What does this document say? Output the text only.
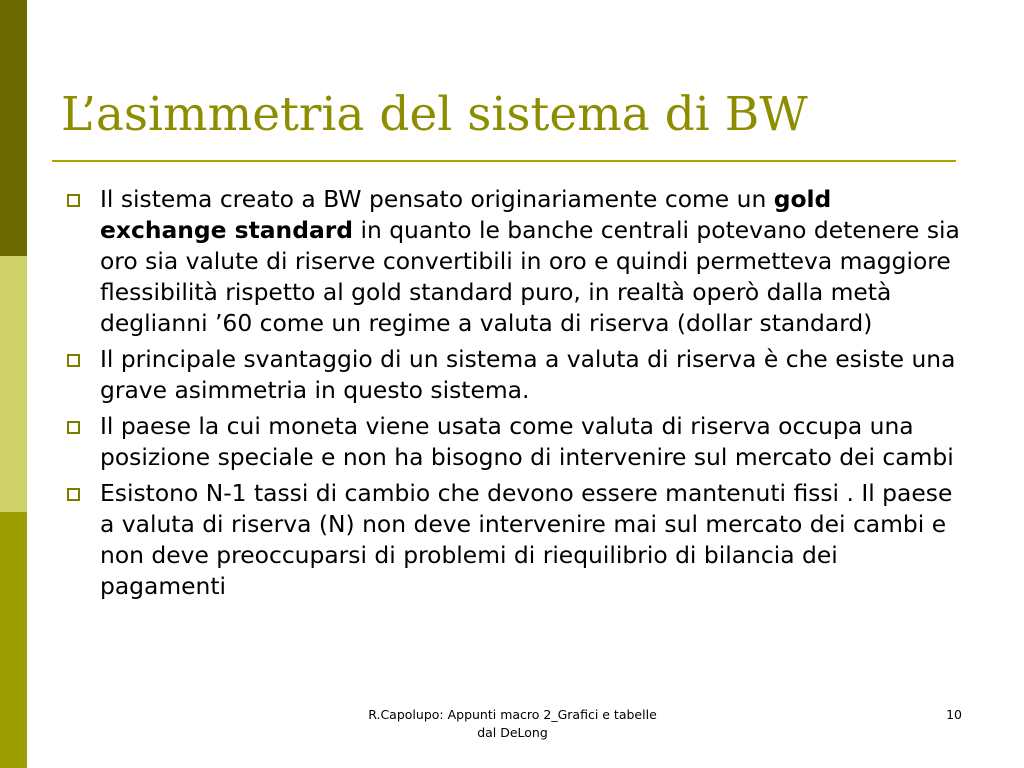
L’asimmetria del sistema di BW
Il sistema creato a BW pensato originariamente come un gold exchange standard in quanto le banche centrali potevano detenere sia oro sia valute di riserve convertibili in oro e quindi permetteva maggiore flessibilità rispetto al gold standard puro, in realtà operò dalla metà deglianni ’60 come un regime a valuta di riserva (dollar standard)
Il principale svantaggio di un sistema a valuta di riserva è che esiste una grave asimmetria in questo sistema.
Il paese la cui moneta viene usata come valuta di riserva occupa una posizione speciale e non ha bisogno di intervenire sul mercato dei cambi
Esistono N-1 tassi di cambio che devono essere mantenuti fissi . Il paese a valuta di riserva (N) non deve intervenire mai sul mercato dei cambi e non deve preoccuparsi di problemi di riequilibrio di bilancia dei pagamenti
R.Capolupo: Appunti macro 2_Grafici e tabelle dal DeLong
10
